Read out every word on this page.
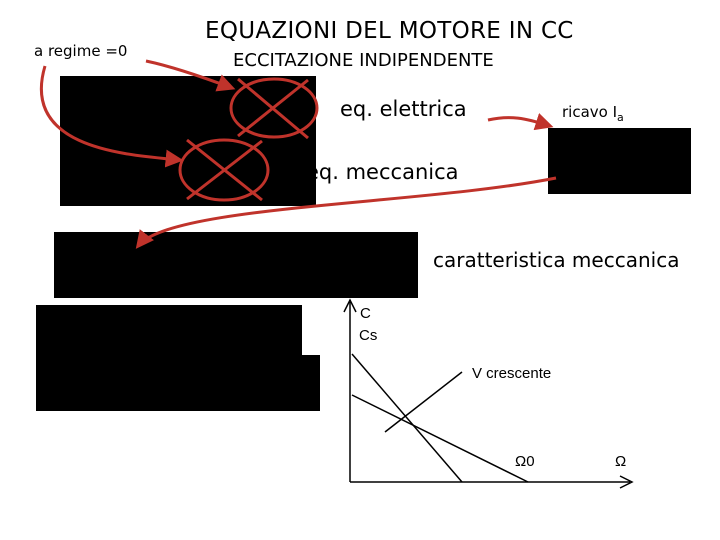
EQUAZIONI DEL MOTORE IN CC
ECCITAZIONE INDIPENDENTE
a regime =0
eq. elettrica
eq. meccanica
ricavo $I_a$
caratteristica meccanica
C
Cs
V crescente
Ω0	Ω
